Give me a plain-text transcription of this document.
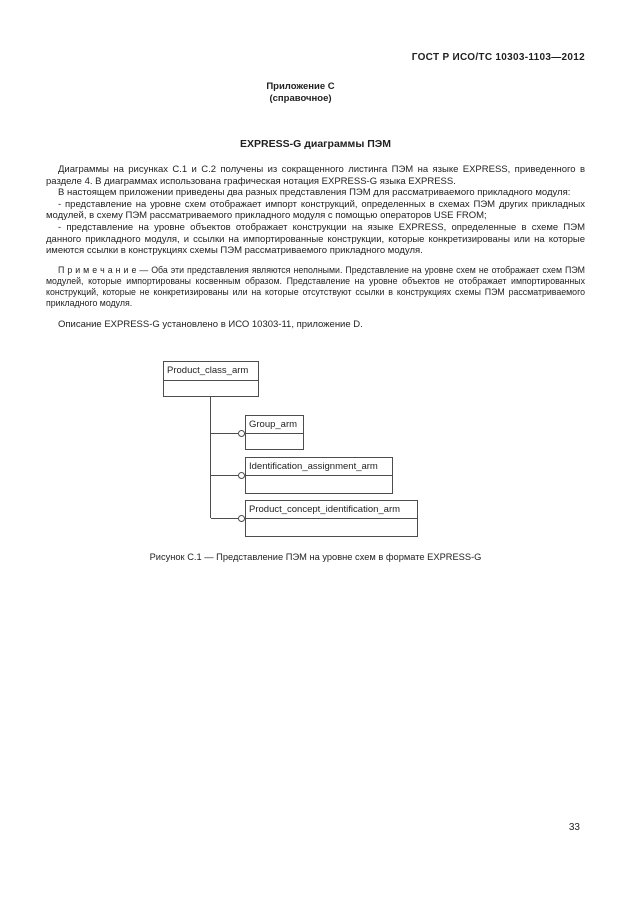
ГОСТ Р ИСО/ТС 10303-1103—2012
Приложение С
(справочное)
EXPRESS-G диаграммы ПЭМ

Диаграммы на рисунках С.1 и С.2 получены из сокращенного листинга ПЭМ на языке EXPRESS, приведенного в разделе 4. В диаграммах использована графическая нотация EXPRESS-G языка EXPRESS.

В настоящем приложении приведены два разных представления ПЭМ для рассматриваемого прикладного модуля:

- представление на уровне схем отображает импорт конструкций, определенных в схемах ПЭМ других прикладных модулей, в схему ПЭМ рассматриваемого прикладного модуля с помощью операторов USE FROM;

- представление на уровне объектов отображает конструкции на языке EXPRESS, определенные в схеме ПЭМ данного прикладного модуля, и ссылки на импортированные конструкции, которые конкретизированы или на которые имеются ссылки в конструкциях схемы ПЭМ рассматриваемого прикладного модуля.

П р и м е ч а н и е — Оба эти представления являются неполными. Представление на уровне схем не отображает схем ПЭМ модулей, которые импортированы косвенным образом. Представление на уровне объектов не отображает импортированных конструкций, которые не конкретизированы или на которые отсутствуют ссылки в конструкциях схемы ПЭМ рассматриваемого прикладного модуля.

Описание EXPRESS-G установлено в ИСО 10303-11, приложение D.

Product_class_arm
Group_arm
Identification_assignment_arm
Product_concept_identification_arm
Рисунок С.1 — Представление ПЭМ на уровне схем в формате EXPRESS-G
33
